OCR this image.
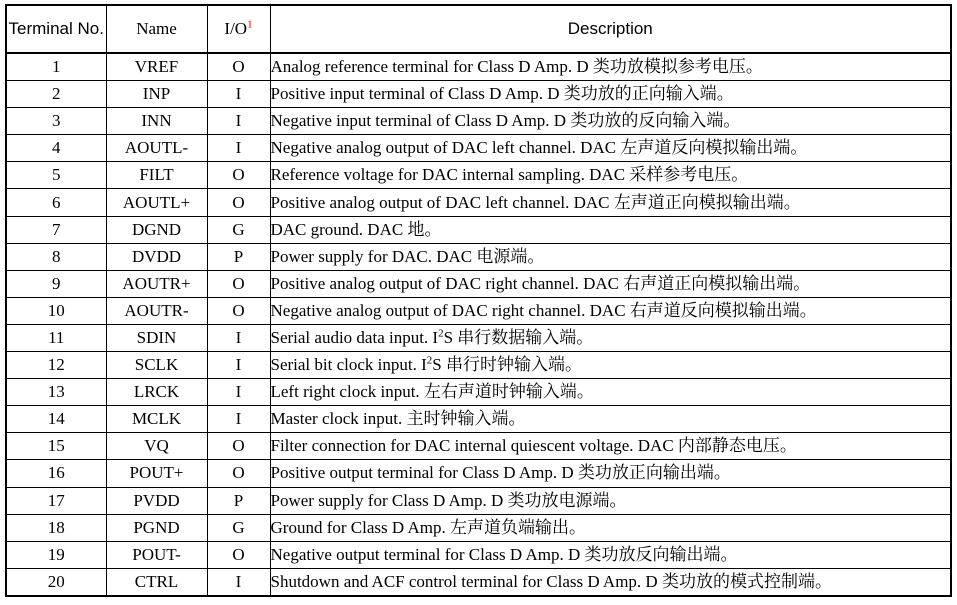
Terminal No.	Name	$I/O^1$	Description
1	VREF	O	Analog reference terminal for Class D Amp. D 类功放模拟参考电压。
2	INP	I	Positive input terminal of Class D Amp. D 类功放的正向输入端。
3	INN	I	Negative input terminal of Class D Amp. D 类功放的反向输入端。
4	AOUTL-	I	Negative analog output of DAC left channel. DAC 左声道反向模拟输出端。
5	FILT	O	Reference voltage for DAC internal sampling. DAC 采样参考电压。
6	AOUTL+	O	Positive analog output of DAC left channel. DAC 左声道正向模拟输出端。
7	DGND	G	DAC ground. DAC 地。
8	DVDD	P	Power supply for DAC. DAC 电源端。
9	AOUTR+	O	Positive analog output of DAC right channel. DAC 右声道正向模拟输出端。
10	AOUTR-	O	Negative analog output of DAC right channel. DAC 右声道反向模拟输出端。
11	SDIN	I	Serial audio data input. $I^2S$ 串行数据输入端。
12	SCLK	I	Serial bit clock input. $I^2S$ 串行时钟输入端。
13	LRCK	I	Left right clock input. 左右声道时钟输入端。
14	MCLK	I	Master clock input. 主时钟输入端。
15	VQ	O	Filter connection for DAC internal quiescent voltage. DAC 内部静态电压。
16	POUT+	O	Positive output terminal for Class D Amp. D 类功放正向输出端。
17	PVDD	P	Power supply for Class D Amp. D 类功放电源端。
18	PGND	G	Ground for Class D Amp. 左声道负端输出。
19	POUT-	O	Negative output terminal for Class D Amp. D 类功放反向输出端。
20	CTRL	I	Shutdown and ACF control terminal for Class D Amp. D 类功放的模式控制端。
